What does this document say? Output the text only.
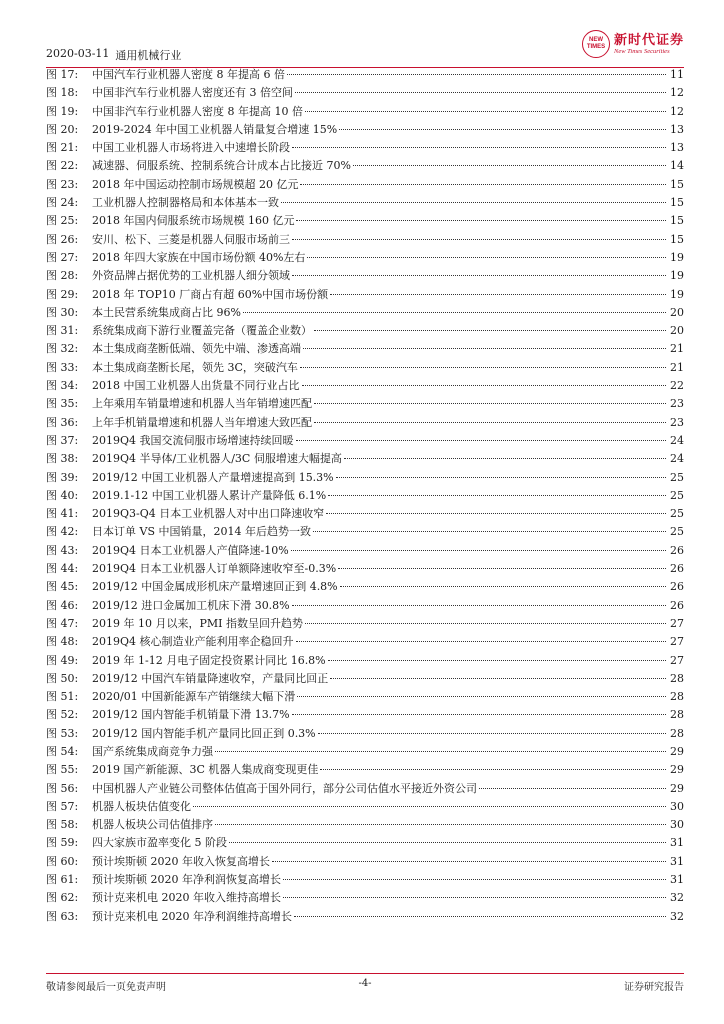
2020-03-11 通用机械行业
NEW
TIMES 新时代证券
New Times Securities
图 17:	中国汽车行业机器人密度 8 年提高 6 倍	11
图 18:	中国非汽车行业机器人密度还有 3 倍空间	12
图 19:	中国非汽车行业机器人密度 8 年提高 10 倍	12
图 20:	2019-2024 年中国工业机器人销量复合增速 15%	13
图 21:	中国工业机器人市场将进入中速增长阶段	13
图 22:	减速器、伺服系统、控制系统合计成本占比接近 70%	14
图 23:	2018 年中国运动控制市场规模超 20 亿元	15
图 24:	工业机器人控制器格局和本体基本一致	15
图 25:	2018 年国内伺服系统市场规模 160 亿元	15
图 26:	安川、松下、三菱是机器人伺服市场前三	15
图 27:	2018 年四大家族在中国市场份额 40%左右	19
图 28:	外资品牌占据优势的工业机器人细分领域	19
图 29:	2018 年 TOP10 厂商占有超 60%中国市场份额	19
图 30:	本土民营系统集成商占比 96%	20
图 31:	系统集成商下游行业覆盖完备（覆盖企业数）	20
图 32:	本土集成商垄断低端、领先中端、渗透高端	21
图 33:	本土集成商垄断长尾，领先 3C，突破汽车	21
图 34:	2018 中国工业机器人出货量不同行业占比	22
图 35:	上年乘用车销量增速和机器人当年销增速匹配	23
图 36:	上年手机销量增速和机器人当年增速大致匹配	23
图 37:	2019Q4 我国交流伺服市场增速持续回暖	24
图 38:	2019Q4 半导体/工业机器人/3C 伺服增速大幅提高	24
图 39:	2019/12 中国工业机器人产量增速提高到 15.3%	25
图 40:	2019.1-12 中国工业机器人累计产量降低 6.1%	25
图 41:	2019Q3-Q4 日本工业机器人对中出口降速收窄	25
图 42:	日本订单 VS 中国销量，2014 年后趋势一致	25
图 43:	2019Q4 日本工业机器人产值降速-10%	26
图 44:	2019Q4 日本工业机器人订单额降速收窄至-0.3%	26
图 45:	2019/12 中国金属成形机床产量增速回正到 4.8%	26
图 46:	2019/12 进口金属加工机床下滑 30.8%	26
图 47:	2019 年 10 月以来，PMI 指数呈回升趋势	27
图 48:	2019Q4 核心制造业产能利用率企稳回升	27
图 49:	2019 年 1-12 月电子固定投资累计同比 16.8%	27
图 50:	2019/12 中国汽车销量降速收窄，产量同比回正	28
图 51:	2020/01 中国新能源车产销继续大幅下滑	28
图 52:	2019/12 国内智能手机销量下滑 13.7%	28
图 53:	2019/12 国内智能手机产量同比回正到 0.3%	28
图 54:	国产系统集成商竞争力强	29
图 55:	2019 国产新能源、3C 机器人集成商变现更佳	29
图 56:	中国机器人产业链公司整体估值高于国外同行，部分公司估值水平接近外资公司	29
图 57:	机器人板块估值变化	30
图 58:	机器人板块公司估值排序	30
图 59:	四大家族市盈率变化 5 阶段	31
图 60:	预计埃斯顿 2020 年收入恢复高增长	31
图 61:	预计埃斯顿 2020 年净利润恢复高增长	31
图 62:	预计克来机电 2020 年收入维持高增长	32
图 63:	预计克来机电 2020 年净利润维持高增长	32
敬请参阅最后一页免责声明	-4-	证券研究报告
